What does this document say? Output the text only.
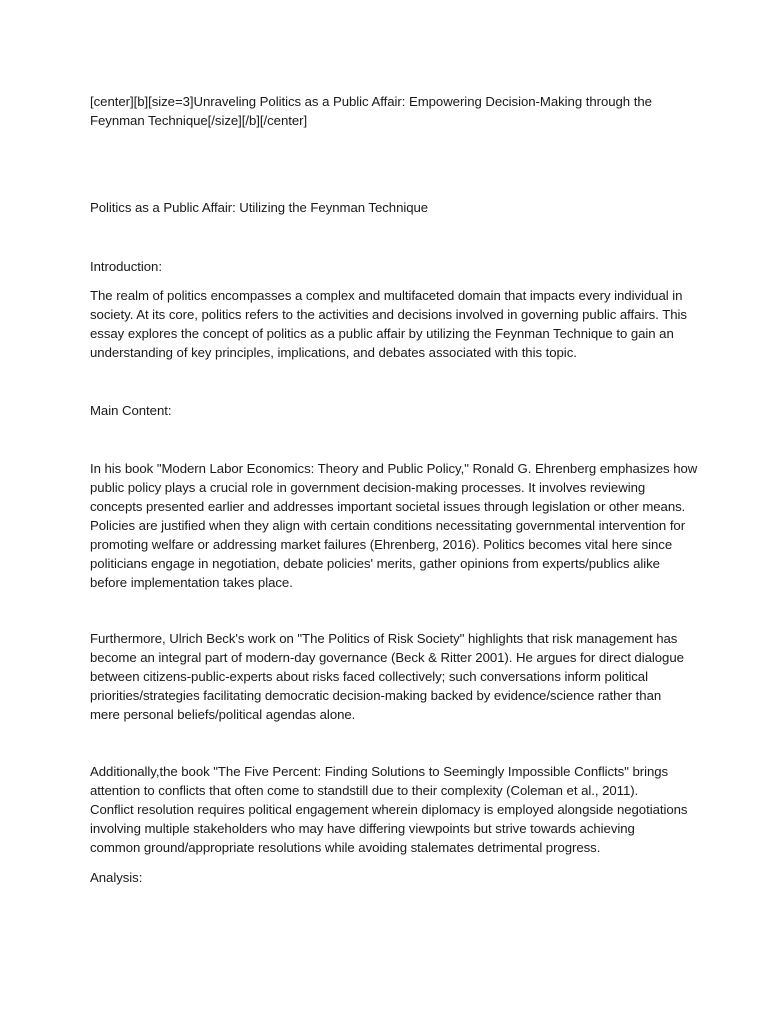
[center][b][size=3]Unraveling Politics as a Public Affair: Empowering Decision-Making through the
Feynman Technique[/size][/b][/center]
Politics as a Public Affair: Utilizing the Feynman Technique
Introduction:
The realm of politics encompasses a complex and multifaceted domain that impacts every individual in
society. At its core, politics refers to the activities and decisions involved in governing public affairs. This
essay explores the concept of politics as a public affair by utilizing the Feynman Technique to gain an
understanding of key principles, implications, and debates associated with this topic.
Main Content:
In his book "Modern Labor Economics: Theory and Public Policy," Ronald G. Ehrenberg emphasizes how
public policy plays a crucial role in government decision-making processes. It involves reviewing
concepts presented earlier and addresses important societal issues through legislation or other means.
Policies are justified when they align with certain conditions necessitating governmental intervention for
promoting welfare or addressing market failures (Ehrenberg, 2016). Politics becomes vital here since
politicians engage in negotiation, debate policies' merits, gather opinions from experts/publics alike
before implementation takes place.
Furthermore, Ulrich Beck's work on "The Politics of Risk Society" highlights that risk management has
become an integral part of modern-day governance (Beck & Ritter 2001). He argues for direct dialogue
between citizens-public-experts about risks faced collectively; such conversations inform political
priorities/strategies facilitating democratic decision-making backed by evidence/science rather than
mere personal beliefs/political agendas alone.
Additionally,the book "The Five Percent: Finding Solutions to Seemingly Impossible Conflicts" brings
attention to conflicts that often come to standstill due to their complexity (Coleman et al., 2011).
Conflict resolution requires political engagement wherein diplomacy is employed alongside negotiations
involving multiple stakeholders who may have differing viewpoints but strive towards achieving
common ground/appropriate resolutions while avoiding stalemates detrimental progress.
Analysis:
